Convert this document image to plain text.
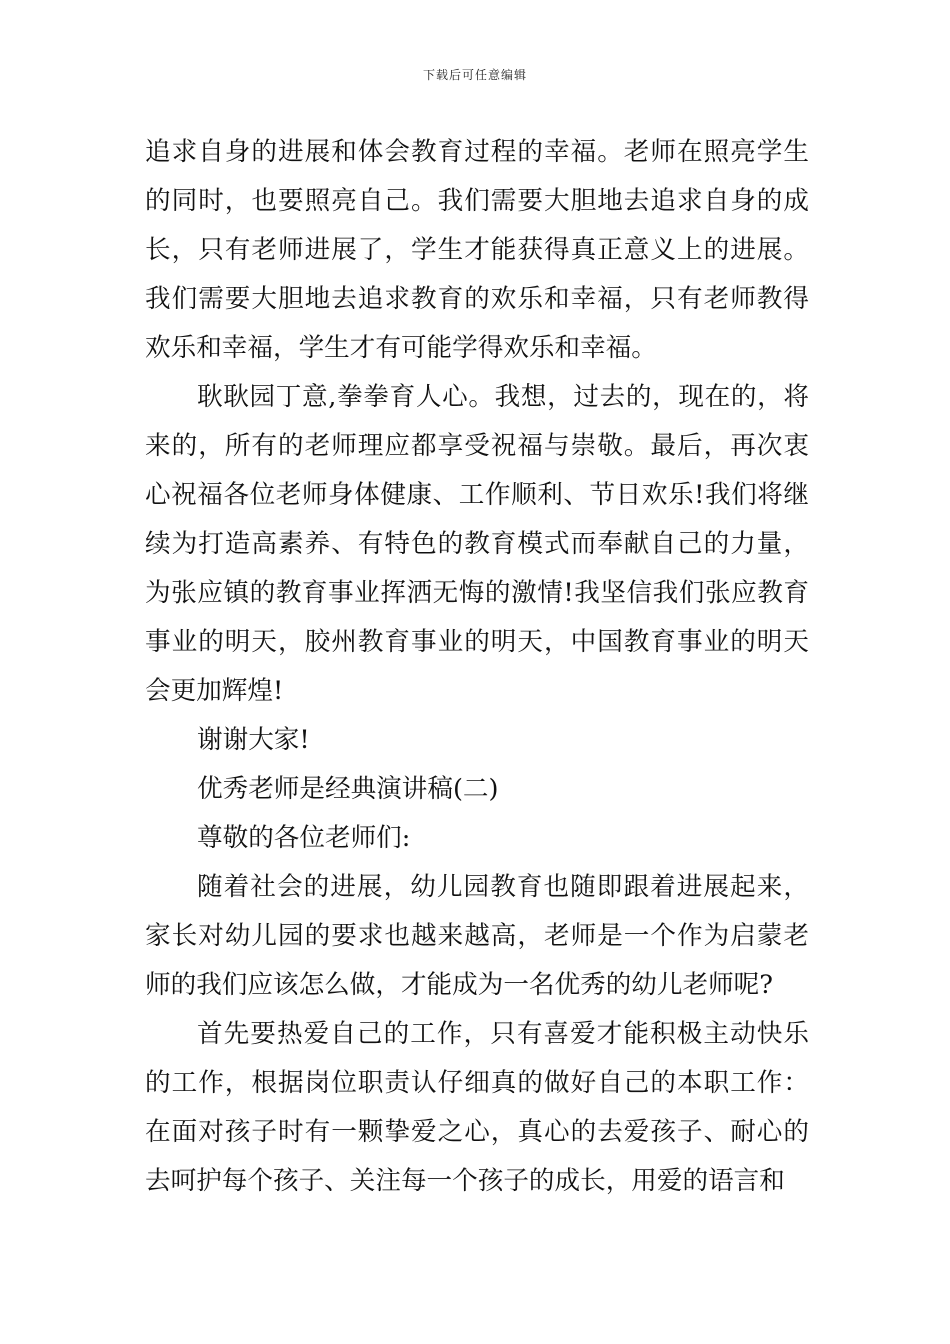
下载后可任意编辑

追求自身的进展和体会教育过程的幸福。老师在照亮学生的同时，也要照亮自己。我们需要大胆地去追求自身的成长，只有老师进展了，学生才能获得真正意义上的进展。我们需要大胆地去追求教育的欢乐和幸福，只有老师教得欢乐和幸福，学生才有可能学得欢乐和幸福。

耿耿园丁意,拳拳育人心。我想，过去的，现在的，将来的，所有的老师理应都享受祝福与崇敬。最后，再次衷心祝福各位老师身体健康、工作顺利、节日欢乐!我们将继续为打造高素养、有特色的教育模式而奉献自己的力量，为张应镇的教育事业挥洒无悔的激情!我坚信我们张应教育事业的明天，胶州教育事业的明天，中国教育事业的明天会更加辉煌!

谢谢大家!

优秀老师是经典演讲稿(二)

尊敬的各位老师们:

随着社会的进展，幼儿园教育也随即跟着进展起来，家长对幼儿园的要求也越来越高，老师是一个作为启蒙老师的我们应该怎么做，才能成为一名优秀的幼儿老师呢?

首先要热爱自己的工作，只有喜爱才能积极主动快乐的工作，根据岗位职责认仔细真的做好自己的本职工作：在面对孩子时有一颗挚爱之心，真心的去爱孩子、耐心的去呵护每个孩子、关注每一个孩子的成长，用爱的语言和
